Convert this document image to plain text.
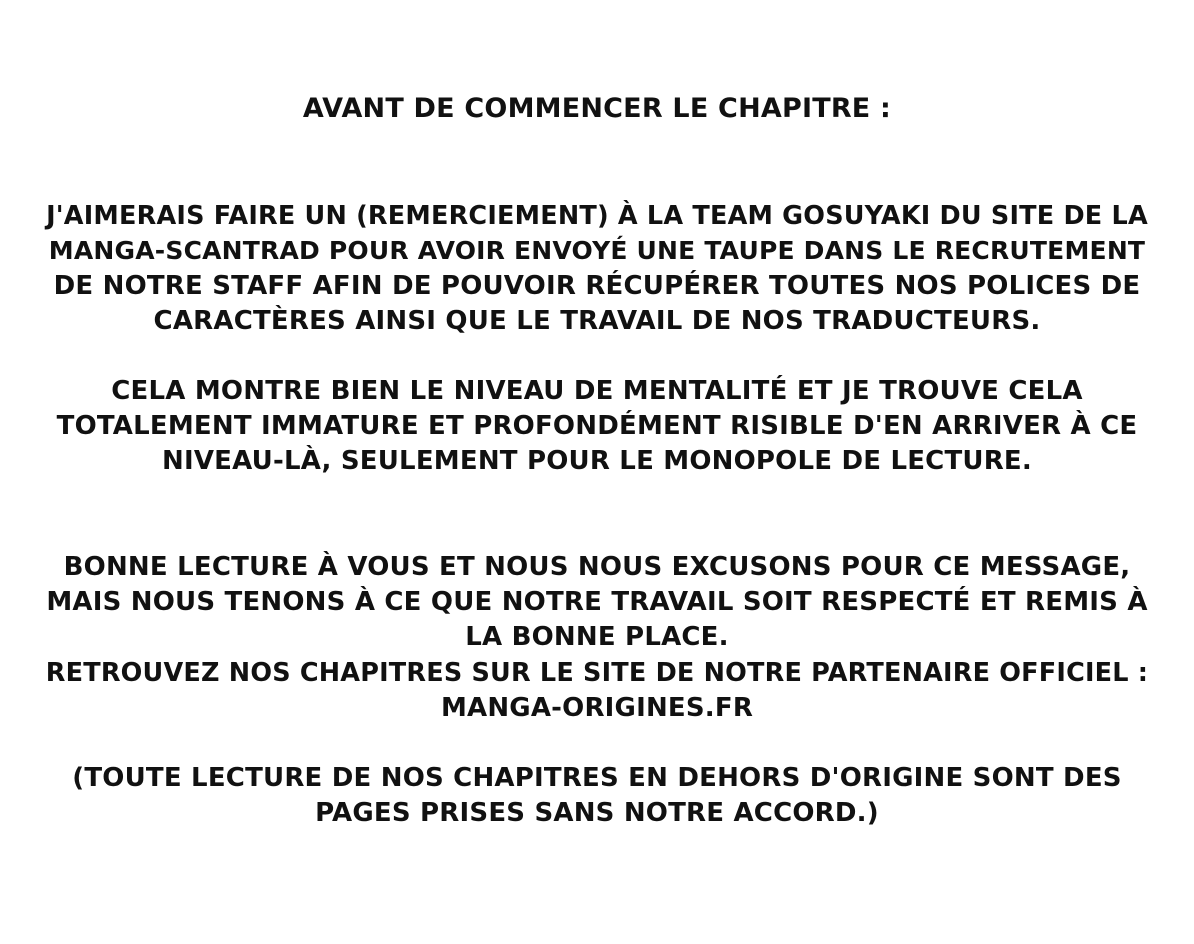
AVANT DE COMMENCER LE CHAPITRE :
J'AIMERAIS FAIRE UN (REMERCIEMENT) À LA TEAM GOSUYAKI DU SITE DE LA
MANGA-SCANTRAD POUR AVOIR ENVOYÉ UNE TAUPE DANS LE RECRUTEMENT
DE NOTRE STAFF AFIN DE POUVOIR RÉCUPÉRER TOUTES NOS POLICES DE
CARACTÈRES AINSI QUE LE TRAVAIL DE NOS TRADUCTEURS.
CELA MONTRE BIEN LE NIVEAU DE MENTALITÉ ET JE TROUVE CELA
TOTALEMENT IMMATURE ET PROFONDÉMENT RISIBLE D'EN ARRIVER À CE
NIVEAU-LÀ, SEULEMENT POUR LE MONOPOLE DE LECTURE.
BONNE LECTURE À VOUS ET NOUS NOUS EXCUSONS POUR CE MESSAGE,
MAIS NOUS TENONS À CE QUE NOTRE TRAVAIL SOIT RESPECTÉ ET REMIS À
LA BONNE PLACE.
RETROUVEZ NOS CHAPITRES SUR LE SITE DE NOTRE PARTENAIRE OFFICIEL :
MANGA-ORIGINES.FR
(TOUTE LECTURE DE NOS CHAPITRES EN DEHORS D'ORIGINE SONT DES
PAGES PRISES SANS NOTRE ACCORD.)
